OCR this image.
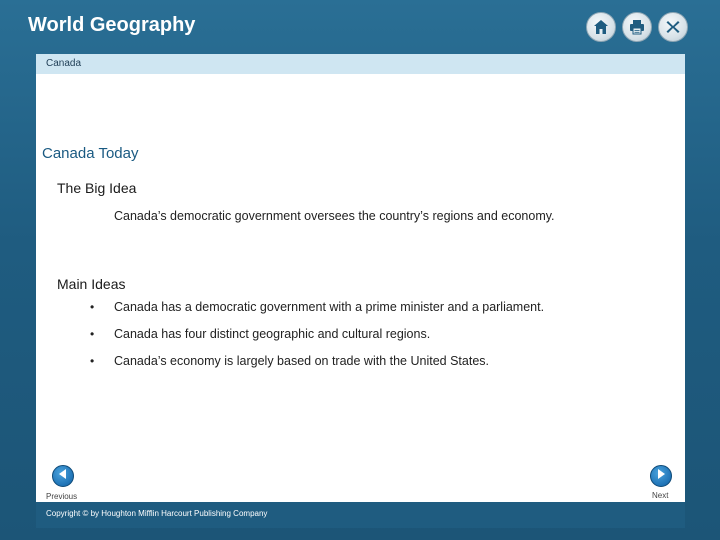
World Geography
Canada
Canada Today
The Big Idea
Canada’s democratic government oversees the country’s regions and economy.
Main Ideas
• Canada has a democratic government with a prime minister and a parliament.
• Canada has four distinct geographic and cultural regions.
• Canada’s economy is largely based on trade with the United States.
Previous	Next
Copyright © by Houghton Mifflin Harcourt Publishing Company
